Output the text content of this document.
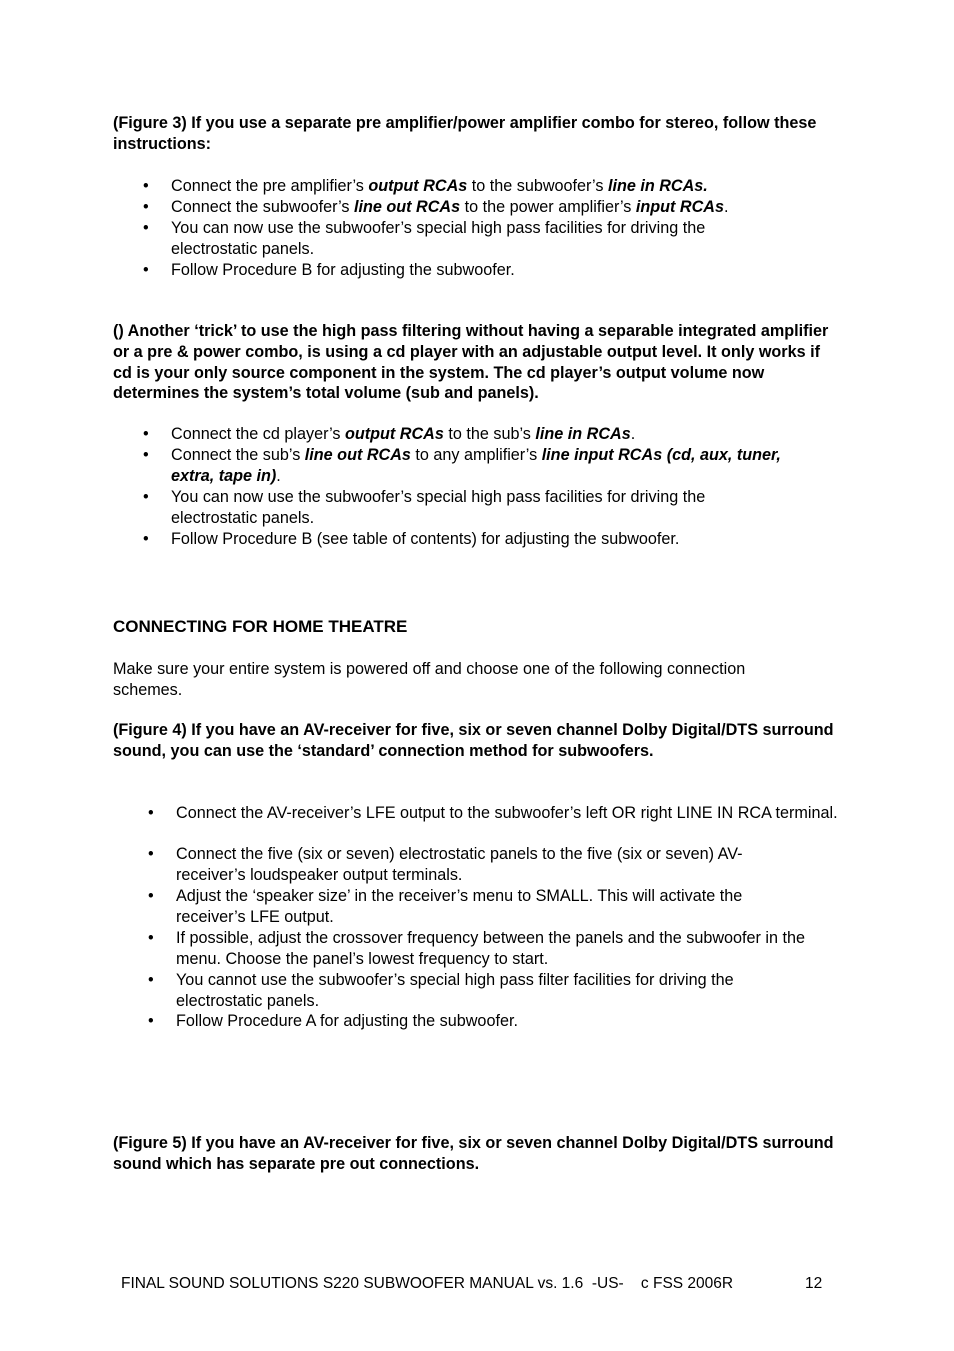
(Figure 3) If you use a separate pre amplifier/power amplifier combo for stereo, follow these instructions:
• Connect the pre amplifier’s output RCAs to the subwoofer’s line in RCAs.
• Connect the subwoofer’s line out RCAs to the power amplifier’s input RCAs.
• You can now use the subwoofer’s special high pass facilities for driving the electrostatic panels.
• Follow Procedure B for adjusting the subwoofer.
() Another ‘trick’ to use the high pass filtering without having a separable integrated amplifier or a pre & power combo, is using a cd player with an adjustable output level. It only works if cd is your only source component in the system. The cd player’s output volume now determines the system’s total volume (sub and panels).
• Connect the cd player’s output RCAs to the sub’s line in RCAs.
• Connect the sub’s line out RCAs to any amplifier’s line input RCAs (cd, aux, tuner, extra, tape in).
• You can now use the subwoofer’s special high pass facilities for driving the electrostatic panels.
• Follow Procedure B (see table of contents) for adjusting the subwoofer.
CONNECTING FOR HOME THEATRE
Make sure your entire system is powered off and choose one of the following connection schemes.
(Figure 4) If you have an AV-receiver for five, six or seven channel Dolby Digital/DTS surround sound, you can use the ‘standard’ connection method for subwoofers.
• Connect the AV-receiver’s LFE output to the subwoofer’s left OR right LINE IN RCA terminal.
• Connect the five (six or seven) electrostatic panels to the five (six or seven) AV-receiver’s loudspeaker output terminals.
• Adjust the ‘speaker size’ in the receiver’s menu to SMALL. This will activate the receiver’s LFE output.
• If possible, adjust the crossover frequency between the panels and the subwoofer in the menu. Choose the panel’s lowest frequency to start.
• You cannot use the subwoofer’s special high pass filter facilities for driving the electrostatic panels.
• Follow Procedure A for adjusting the subwoofer.
(Figure 5) If you have an AV-receiver for five, six or seven channel Dolby Digital/DTS surround sound which has separate pre out connections.
FINAL SOUND SOLUTIONS S220 SUBWOOFER MANUAL vs. 1.6  -US-    c FSS 2006R	12
